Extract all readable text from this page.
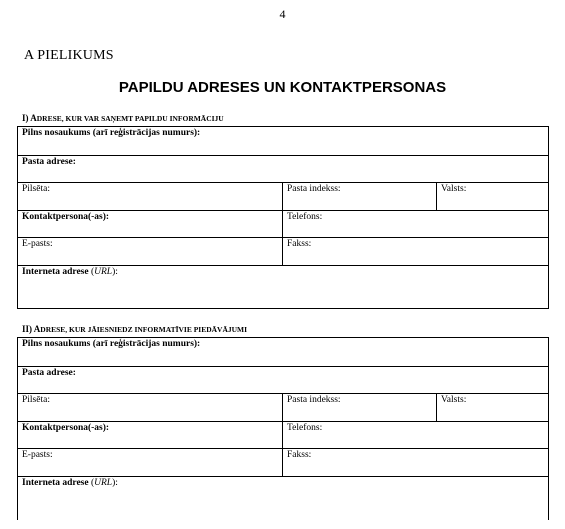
4
A PIELIKUMS
PAPILDU ADRESES UN KONTAKTPERSONAS
I) ADRESE, KUR VAR SAŅEMT PAPILDU INFORMĀCIJU
Pilns nosaukums (arī reģistrācijas numurs):
Pasta adrese:
Pilsēta:	Pasta indekss:	Valsts:
Kontaktpersona(-as):	Telefons:
E-pasts:	Fakss:
Interneta adrese (URL):
II) ADRESE, KUR JĀIESNIEDZ INFORMATĪVIE PIEDĀVĀJUMI
Pilns nosaukums (arī reģistrācijas numurs):
Pasta adrese:
Pilsēta:	Pasta indekss:	Valsts:
Kontaktpersona(-as):	Telefons:
E-pasts:	Fakss:
Interneta adrese (URL):
